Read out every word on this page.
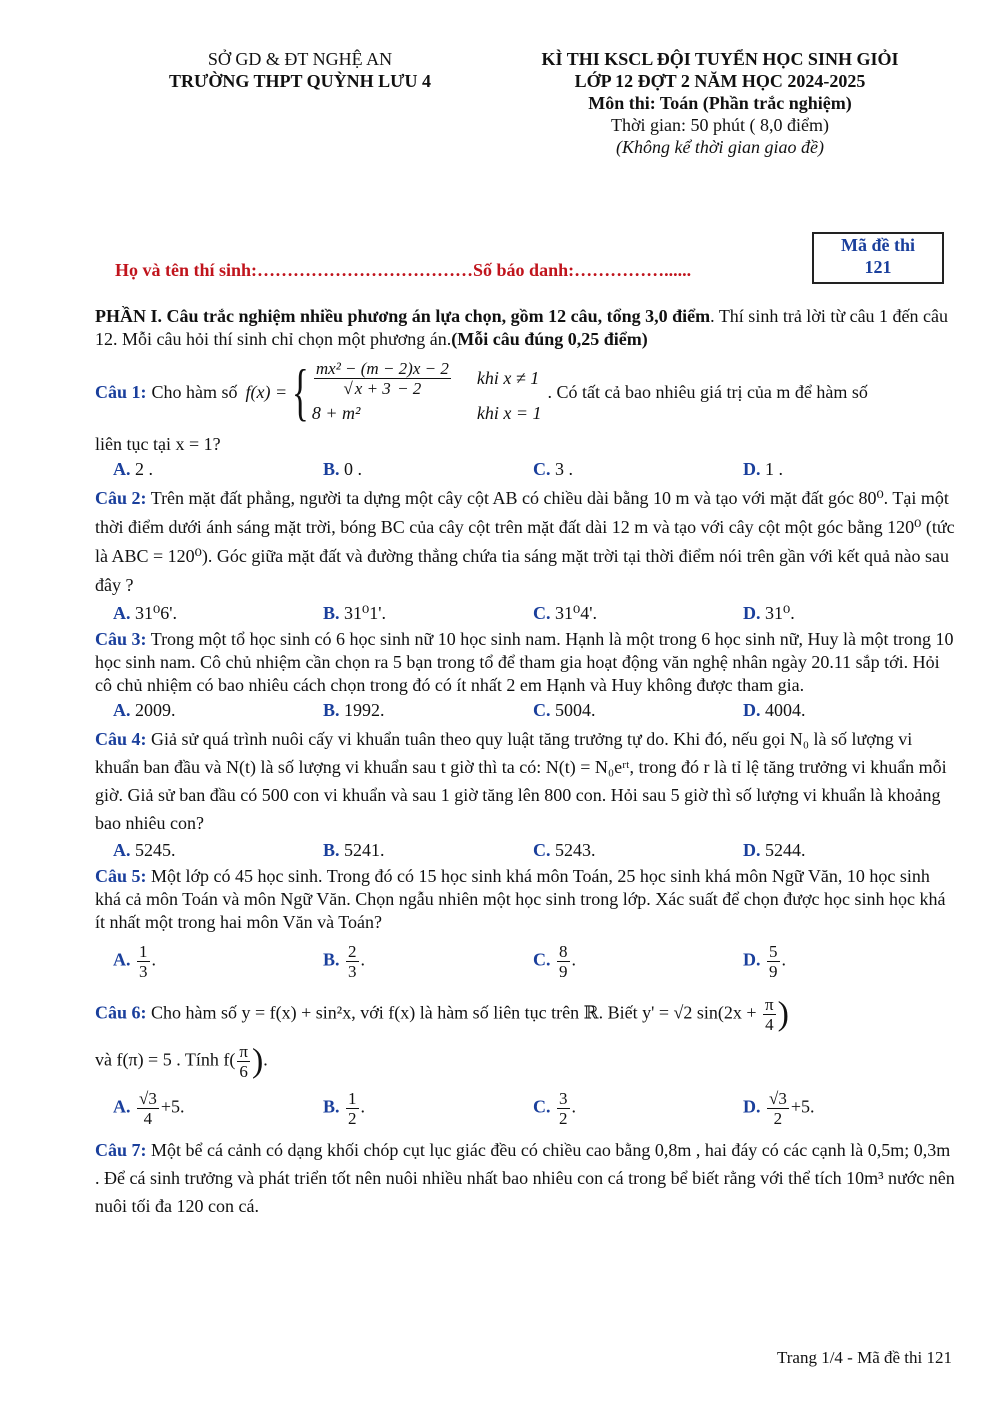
SỞ GD & ĐT NGHỆ AN
TRƯỜNG THPT QUỲNH LƯU 4
KÌ THI KSCL ĐỘI TUYỂN HỌC SINH GIỎI
LỚP 12 ĐỢT 2 NĂM HỌC 2024-2025
Môn thi: Toán (Phần trắc nghiệm)
Thời gian: 50 phút ( 8,0 điểm)
(Không kể thời gian giao đề)
Họ và tên thí sinh:………………………………Số báo danh:……………......
Mã đề thi
121

PHẦN I. Câu trắc nghiệm nhiều phương án lựa chọn, gồm 12 câu, tổng 3,0 điểm. Thí sinh trả lời từ câu 1 đến câu 12. Mỗi câu hỏi thí sinh chỉ chọn một phương án.(Mỗi câu đúng 0,25 điểm)

Câu 1: Cho hàm số f(x) = { $\frac{\text{mx² − (m − 2)x − 2}}{√ x + 3 - 2}$ khi x ≠ 1
8 + m²	khi x = 1
. Có tất cả bao nhiêu giá trị của m để hàm số

liên tục tại x = 1?

A. 2 .	B. 0 .	C. 3 .	D. 1 .

Câu 2: Trên mặt đất phẳng, người ta dựng một cây cột AB có chiều dài bằng 10 m và tạo với mặt đất góc 80⁰. Tại một thời điểm dưới ánh sáng mặt trời, bóng BC của cây cột trên mặt đất dài 12 m và tạo với cây cột một góc bằng 120⁰ (tức là ABC = 120⁰). Góc giữa mặt đất và đường thẳng chứa tia sáng mặt trời tại thời điểm nói trên gần với kết quả nào sau đây ?

A. 31⁰6'.	B. 31⁰1'.	C. 31⁰4'.	D. 31⁰.

Câu 3: Trong một tổ học sinh có 6 học sinh nữ 10 học sinh nam. Hạnh là một trong 6 học sinh nữ, Huy là một trong 10 học sinh nam. Cô chủ nhiệm cần chọn ra 5 bạn trong tổ để tham gia hoạt động văn nghệ nhân ngày 20.11 sắp tới. Hỏi cô chủ nhiệm có bao nhiêu cách chọn trong đó có ít nhất 2 em Hạnh và Huy không được tham gia.

A. 2009.	B. 1992.	C. 5004.	D. 4004.

Câu 4: Giả sử quá trình nuôi cấy vi khuẩn tuân theo quy luật tăng trưởng tự do. Khi đó, nếu gọi N₀ là số lượng vi khuẩn ban đầu và N(t) là số lượng vi khuẩn sau t giờ thì ta có: N(t) = N₀eʳᵗ, trong đó r là tỉ lệ tăng trưởng vi khuẩn mỗi giờ. Giả sử ban đầu có 500 con vi khuẩn và sau 1 giờ tăng lên 800 con. Hỏi sau 5 giờ thì số lượng vi khuẩn là khoảng bao nhiêu con?

A. 5245.	B. 5241.	C. 5243.	D. 5244.

Câu 5: Một lớp có 45 học sinh. Trong đó có 15 học sinh khá môn Toán, 25 học sinh khá môn Ngữ Văn, 10 học sinh khá cả môn Toán và môn Ngữ Văn. Chọn ngẫu nhiên một học sinh trong lớp. Xác suất để chọn được học sinh học khá ít nhất một trong hai môn Văn và Toán?

A. $\frac{1}{3}$ .	B. $\frac{2}{3}$ .	C. $\frac{8}{9}$ .	D. $\frac{5}{9}$ .

Câu 6: Cho hàm số y = f(x) + sin²x, với f(x) là hàm số liên tục trên ℝ. Biết y' = √2 $\sin(2x + \frac{\pi}{4}$ )

và f(π) = 5 . Tính $f( \frac{\pi}{6}$ ).

A. $\frac{√3}{4} +5$.	B. $\frac{1}{2}$ .	C. $\frac{3}{2}$ .	D. $\frac{√3}{2} +5$.

Câu 7: Một bể cá cảnh có dạng khối chóp cụt lục giác đều có chiều cao bằng 0,8m , hai đáy có các cạnh là 0,5m; 0,3m . Để cá sinh trưởng và phát triển tốt nên nuôi nhiều nhất bao nhiêu con cá trong bể biết rằng với thể tích 10m³ nước nên nuôi tối đa 120 con cá.

Trang 1/4 - Mã đề thi 121
